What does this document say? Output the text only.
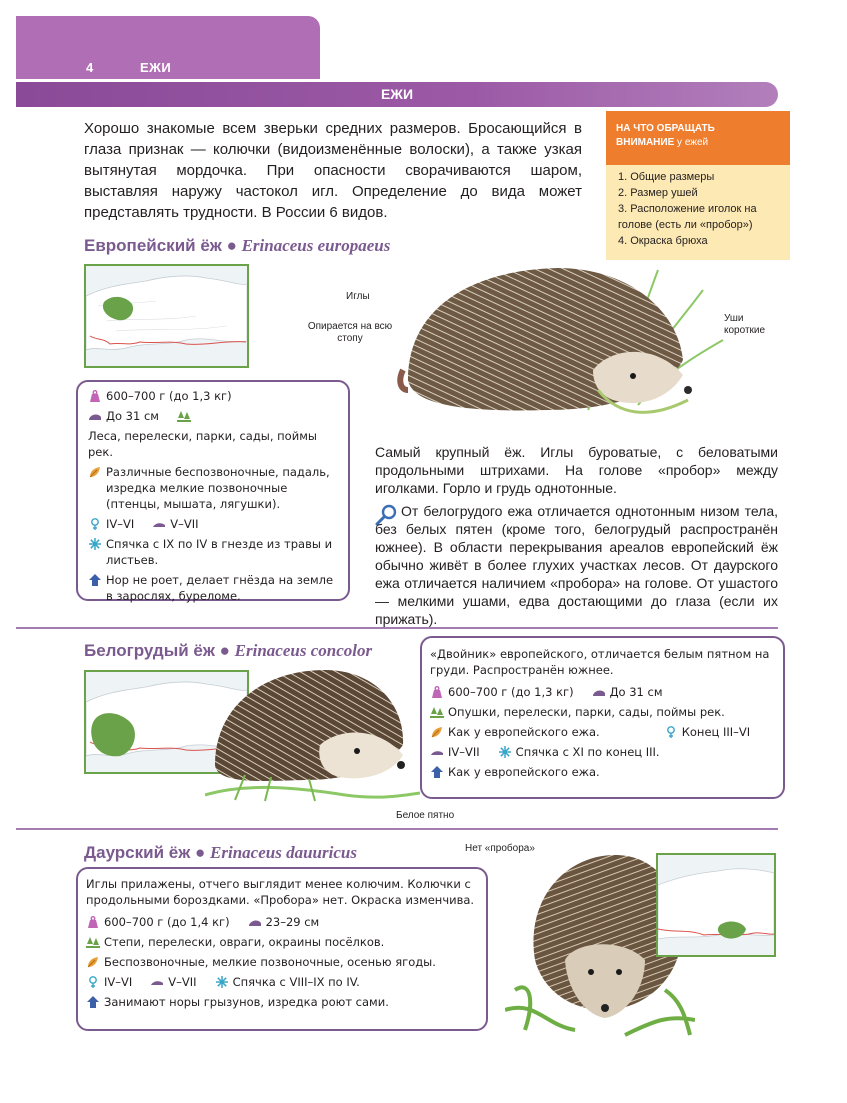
4	ЕЖИ
ЕЖИ

Хорошо знакомые всем зверьки средних размеров. Бросающийся в глаза признак — колючки (видоизменённые волоски), а также узкая вытянутая мордочка. При опасности сворачиваются шаром, выставляя наружу частокол игл. Определение до вида может представлять трудности. В России 6 видов.

НА ЧТО ОБРАЩАТЬ
ВНИМАНИЕ у ежей
1. Общие размеры
2. Размер ушей
3. Расположение иголок на голове (есть ли «пробор»)
4. Окраска брюха
Европейский ёж ● Erinaceus europaeus
600–700 г (до 1,3 кг)
До 31 см
Леса, перелески, парки, сады, поймы рек.
Различные беспозвоночные, падаль, изредка мелкие позвоночные (птенцы, мышата, лягушки).
IV–VI	V–VII
Спячка с IX по IV в гнезде из травы и листьев.
Нор не роет, делает гнёзда на земле в зарослях, буреломе.
Иглы
Опирается на всю стопу
Уши короткие

Самый крупный ёж. Иглы буроватые, с беловатыми продольными штрихами. На голове «пробор» между иголками. Горло и грудь однотонные.

От белогрудого ежа отличается однотонным низом тела, без белых пятен (кроме того, белогрудый распространён южнее). В области перекрывания ареалов европейский ёж обычно живёт в более глухих участках лесов. От даурского ежа отличается наличием «пробора» на голове. От ушастого — мелкими ушами, едва достающими до глаза (если их прижать).

Белогрудый ёж ● Erinaceus concolor
Белое пятно
«Двойник» европейского, отличается белым пятном на груди. Распространён южнее.
600–700 г (до 1,3 кг)	До 31 см
Опушки, перелески, парки, сады, поймы рек.
Как у европейского ежа.	Конец III–VI
IV–VII	Спячка с XI по конец III.
Как у европейского ежа.
Даурский ёж ● Erinaceus dauuricus
Иглы прилажены, отчего выглядит менее колючим. Колючки с продольными бороздками. «Пробора» нет. Окраска изменчива.
600–700 г (до 1,4 кг)	23–29 см
Степи, перелески, овраги, окраины посёлков.
Беспозвоночные, мелкие позвоночные, осенью ягоды.
IV–VI	V–VII	Спячка с VIII–IX по IV.
Занимают норы грызунов, изредка роют сами.
Нет «пробора»
